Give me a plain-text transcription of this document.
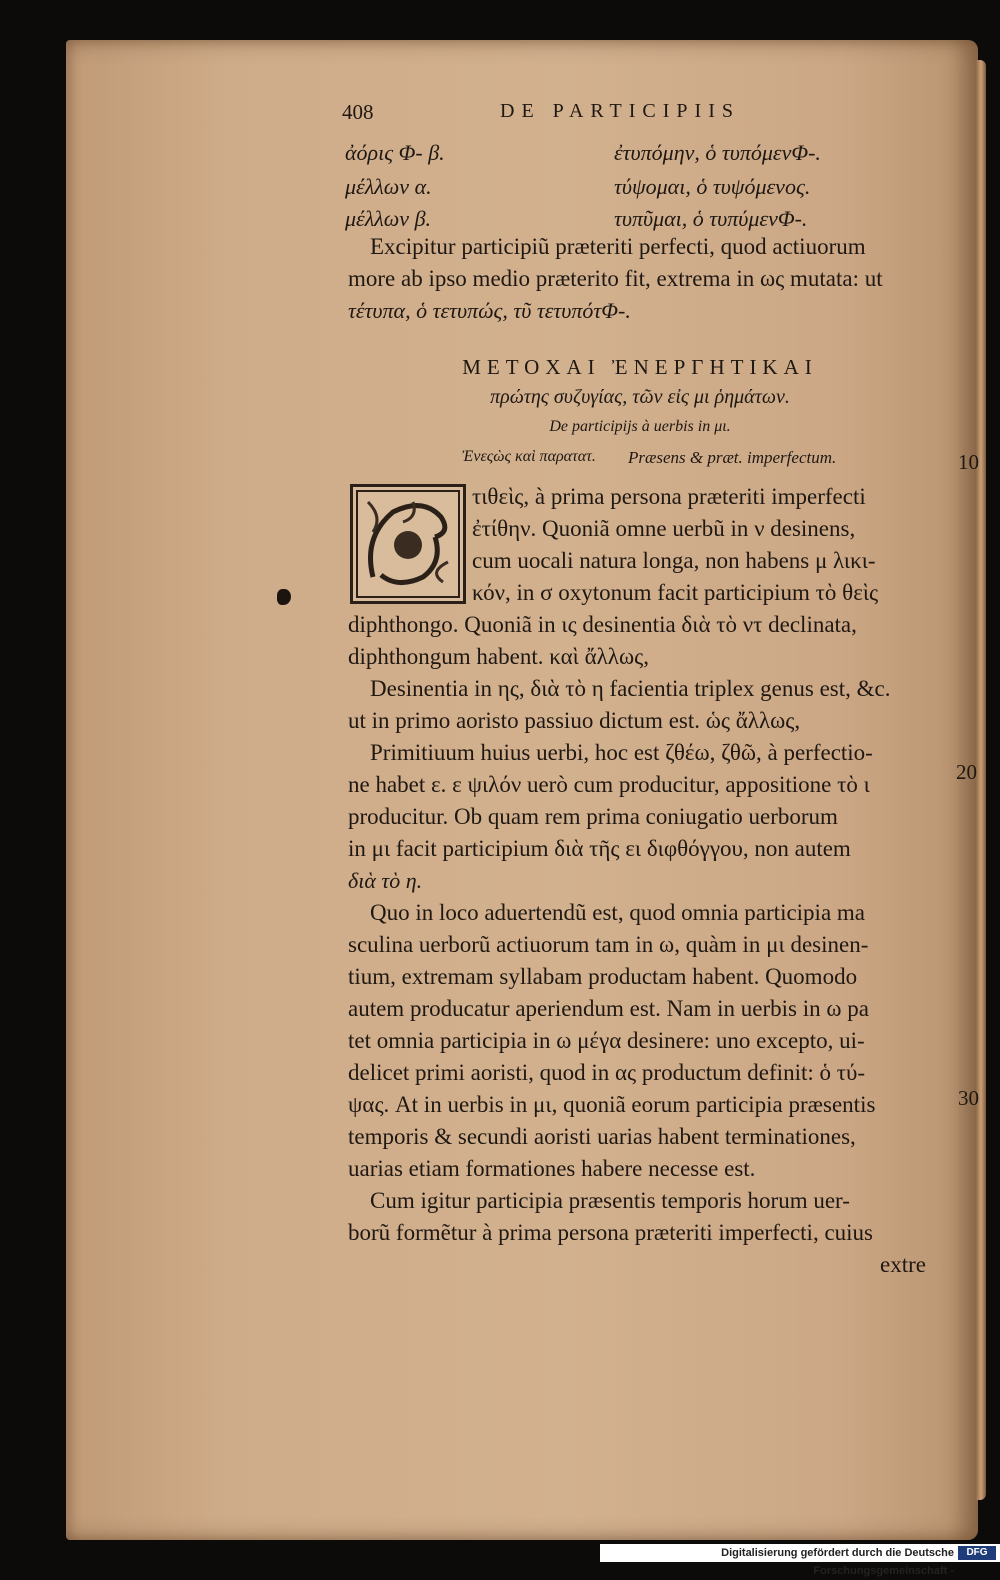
408	DE PARTICIPIIS
ἀόρις Φ- β.	ἐτυπόμην, ὁ τυπόμενΦ-.
μέλλων α.	τύψομαι, ὁ τυψόμενος.
μέλλων β.	τυπῦμαι, ὁ τυπύμενΦ-.
Excipitur participiũ præteriti perfecti, quod actiuorum
more ab ipso medio præterito fit, extrema in ως mutata: ut
τέτυπα, ὁ τετυπώς, τῦ τετυπότΦ-.
ΜΕΤΟΧΑΙ ἘΝΕΡΓΗΤΙΚΑΙ
πρώτης συζυγίας, τῶν εἰς μι ῥημάτων.
De participijs à uerbis in μι.
Ἐνεςὼς καὶ παρατατ. Præsens & præt. imperfectum.
τιθεὶς, à prima persona præteriti imperfecti
ἐτίθην. Quoniã omne uerbũ in ν desinens,
cum uocali natura longa, non habens μ λικι-
κόν, in σ oxytonum facit participium τὸ θεὶς
diphthongo. Quoniã in ις desinentia διὰ τὸ ντ declinata,
diphthongum habent. καὶ ἄλλως,
Desinentia in ης, διὰ τὸ η facientia triplex genus est, &c.
ut in primo aoristo passiuo dictum est. ὡς ἄλλως,
Primitiuum huius uerbi, hoc est ζθέω, ζθῶ, à perfectio-
ne habet ε. ε ψιλόν uerò cum producitur, appositione τὸ ι
producitur. Ob quam rem prima coniugatio uerborum
in μι facit participium διὰ τῆς ει διφθόγγου, non autem
διὰ τὸ η.
Quo in loco aduertendũ est, quod omnia participia ma
sculina uerborũ actiuorum tam in ω, quàm in μι desinen-
tium, extremam syllabam productam habent. Quomodo
autem producatur aperiendum est. Nam in uerbis in ω pa
tet omnia participia in ω μέγα desinere: uno excepto, ui-
delicet primi aoristi, quod in ας productum definit: ὁ τύ-
ψας. At in uerbis in μι, quoniã eorum participia præsentis
temporis & secundi aoristi uarias habent terminationes,
uarias etiam formationes habere necesse est.
Cum igitur participia præsentis temporis horum uer-
borũ formẽtur à prima persona præteriti imperfecti, cuius
extre
10
20
30
Digitalisierung gefördert durch die Deutsche Forschungsgemeinschaft -
DFG
